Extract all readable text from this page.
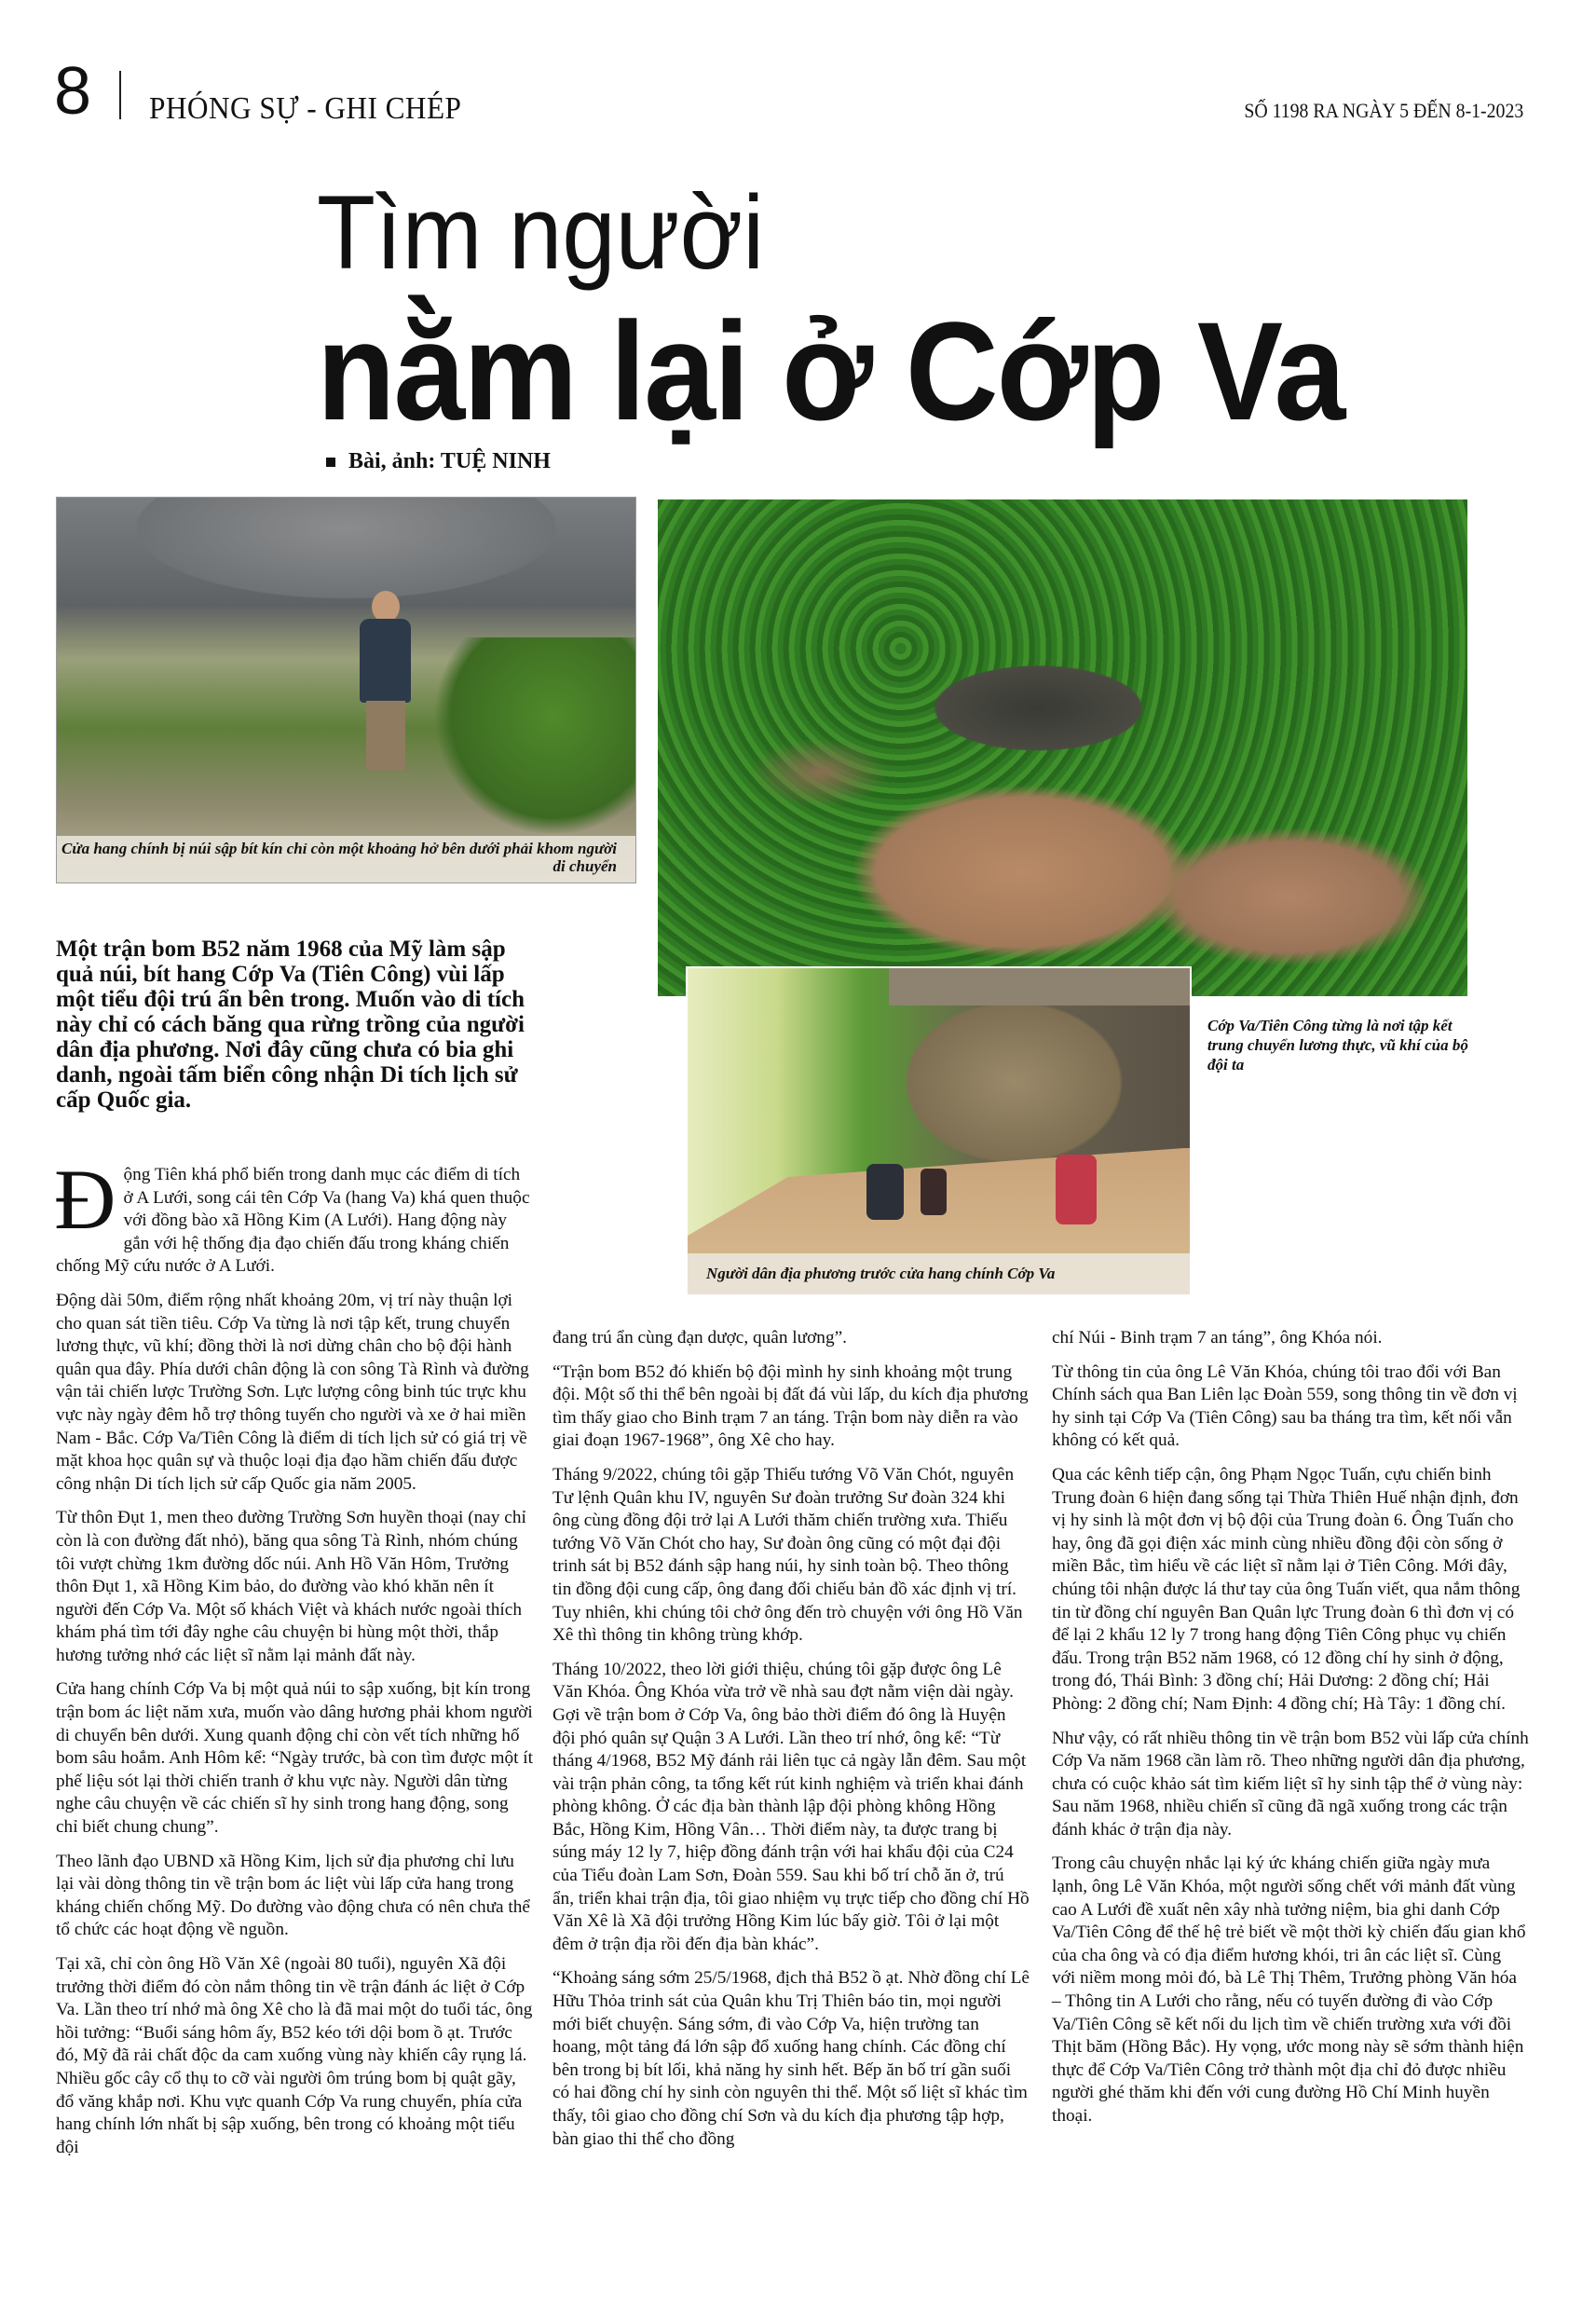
8 PHÓNG SỰ - GHI CHÉP	SỐ 1198 RA NGÀY 5 ĐẾN 8-1-2023
Tìm người
nằm lại ở Cớp Va
Bài, ảnh: TUỆ NINH
Cửa hang chính bị núi sập bít kín chỉ còn một khoảng hở bên dưới phải khom người di chuyển
Người dân địa phương trước cửa hang chính Cớp Va
Cớp Va/Tiên Công từng là nơi tập kết trung chuyển lương thực, vũ khí của bộ đội ta
Một trận bom B52 năm 1968 của Mỹ làm sập quả núi, bít hang Cớp Va (Tiên Công) vùi lấp một tiểu đội trú ẩn bên trong. Muốn vào di tích này chỉ có cách băng qua rừng trồng của người dân địa phương. Nơi đây cũng chưa có bia ghi danh, ngoài tấm biển công nhận Di tích lịch sử cấp Quốc gia.

Động Tiên khá phổ biến trong danh mục các điểm di tích ở A Lưới, song cái tên Cớp Va (hang Va) khá quen thuộc với đồng bào xã Hồng Kim (A Lưới). Hang động này gắn với hệ thống địa đạo chiến đấu trong kháng chiến chống Mỹ cứu nước ở A Lưới.

Động dài 50m, điểm rộng nhất khoảng 20m, vị trí này thuận lợi cho quan sát tiền tiêu. Cớp Va từng là nơi tập kết, trung chuyển lương thực, vũ khí; đồng thời là nơi dừng chân cho bộ đội hành quân qua đây. Phía dưới chân động là con sông Tà Rình và đường vận tải chiến lược Trường Sơn. Lực lượng công binh túc trực khu vực này ngày đêm hỗ trợ thông tuyến cho người và xe ở hai miền Nam - Bắc. Cớp Va/Tiên Công là điểm di tích lịch sử có giá trị về mặt khoa học quân sự và thuộc loại địa đạo hầm chiến đấu được công nhận Di tích lịch sử cấp Quốc gia năm 2005.

Từ thôn Đụt 1, men theo đường Trường Sơn huyền thoại (nay chỉ còn là con đường đất nhỏ), băng qua sông Tà Rình, nhóm chúng tôi vượt chừng 1km đường dốc núi. Anh Hồ Văn Hôm, Trưởng thôn Đụt 1, xã Hồng Kim bảo, do đường vào khó khăn nên ít người đến Cớp Va. Một số khách Việt và khách nước ngoài thích khám phá tìm tới đây nghe câu chuyện bi hùng một thời, thắp hương tưởng nhớ các liệt sĩ nằm lại mảnh đất này.

Cửa hang chính Cớp Va bị một quả núi to sập xuống, bịt kín trong trận bom ác liệt năm xưa, muốn vào dâng hương phải khom người di chuyển bên dưới. Xung quanh động chỉ còn vết tích những hố bom sâu hoắm. Anh Hôm kể: “Ngày trước, bà con tìm được một ít phế liệu sót lại thời chiến tranh ở khu vực này. Người dân từng nghe câu chuyện về các chiến sĩ hy sinh trong hang động, song chỉ biết chung chung”.

Theo lãnh đạo UBND xã Hồng Kim, lịch sử địa phương chỉ lưu lại vài dòng thông tin về trận bom ác liệt vùi lấp cửa hang trong kháng chiến chống Mỹ. Do đường vào động chưa có nên chưa thể tổ chức các hoạt động về nguồn.

Tại xã, chỉ còn ông Hồ Văn Xê (ngoài 80 tuổi), nguyên Xã đội trưởng thời điểm đó còn nắm thông tin về trận đánh ác liệt ở Cớp Va. Lần theo trí nhớ mà ông Xê cho là đã mai một do tuổi tác, ông hồi tưởng: “Buổi sáng hôm ấy, B52 kéo tới dội bom ồ ạt. Trước đó, Mỹ đã rải chất độc da cam xuống vùng này khiến cây rụng lá. Nhiều gốc cây cổ thụ to cỡ vài người ôm trúng bom bị quật gãy, đổ văng khắp nơi. Khu vực quanh Cớp Va rung chuyển, phía cửa hang chính lớn nhất bị sập xuống, bên trong có khoảng một tiểu đội

đang trú ẩn cùng đạn dược, quân lương”.

“Trận bom B52 đó khiến bộ đội mình hy sinh khoảng một trung đội. Một số thi thể bên ngoài bị đất đá vùi lấp, du kích địa phương tìm thấy giao cho Binh trạm 7 an táng. Trận bom này diễn ra vào giai đoạn 1967-1968”, ông Xê cho hay.

Tháng 9/2022, chúng tôi gặp Thiếu tướng Võ Văn Chót, nguyên Tư lệnh Quân khu IV, nguyên Sư đoàn trưởng Sư đoàn 324 khi ông cùng đồng đội trở lại A Lưới thăm chiến trường xưa. Thiếu tướng Võ Văn Chót cho hay, Sư đoàn ông cũng có một đại đội trinh sát bị B52 đánh sập hang núi, hy sinh toàn bộ. Theo thông tin đồng đội cung cấp, ông đang đối chiếu bản đồ xác định vị trí. Tuy nhiên, khi chúng tôi chở ông đến trò chuyện với ông Hồ Văn Xê thì thông tin không trùng khớp.

Tháng 10/2022, theo lời giới thiệu, chúng tôi gặp được ông Lê Văn Khóa. Ông Khóa vừa trở về nhà sau đợt nằm viện dài ngày. Gợi về trận bom ở Cớp Va, ông bảo thời điểm đó ông là Huyện đội phó quân sự Quận 3 A Lưới. Lần theo trí nhớ, ông kể: “Từ tháng 4/1968, B52 Mỹ đánh rải liên tục cả ngày lẫn đêm. Sau một vài trận phản công, ta tổng kết rút kinh nghiệm và triển khai đánh phòng không. Ở các địa bàn thành lập đội phòng không Hồng Bắc, Hồng Kim, Hồng Vân… Thời điểm này, ta được trang bị súng máy 12 ly 7, hiệp đồng đánh trận với hai khẩu đội của C24 của Tiểu đoàn Lam Sơn, Đoàn 559. Sau khi bố trí chỗ ăn ở, trú ẩn, triển khai trận địa, tôi giao nhiệm vụ trực tiếp cho đồng chí Hồ Văn Xê là Xã đội trưởng Hồng Kim lúc bấy giờ. Tôi ở lại một đêm ở trận địa rồi đến địa bàn khác”.

“Khoảng sáng sớm 25/5/1968, địch thả B52 ồ ạt. Nhờ đồng chí Lê Hữu Thỏa trinh sát của Quân khu Trị Thiên báo tin, mọi người mới biết chuyện. Sáng sớm, đi vào Cớp Va, hiện trường tan hoang, một tảng đá lớn sập đổ xuống hang chính. Các đồng chí bên trong bị bít lối, khả năng hy sinh hết. Bếp ăn bố trí gần suối có hai đồng chí hy sinh còn nguyên thi thể. Một số liệt sĩ khác tìm thấy, tôi giao cho đồng chí Sơn và du kích địa phương tập hợp, bàn giao thi thể cho đồng

chí Núi - Binh trạm 7 an táng”, ông Khóa nói.

Từ thông tin của ông Lê Văn Khóa, chúng tôi trao đổi với Ban Chính sách qua Ban Liên lạc Đoàn 559, song thông tin về đơn vị hy sinh tại Cớp Va (Tiên Công) sau ba tháng tra tìm, kết nối vẫn không có kết quả.

Qua các kênh tiếp cận, ông Phạm Ngọc Tuấn, cựu chiến binh Trung đoàn 6 hiện đang sống tại Thừa Thiên Huế nhận định, đơn vị hy sinh là một đơn vị bộ đội của Trung đoàn 6. Ông Tuấn cho hay, ông đã gọi điện xác minh cùng nhiều đồng đội còn sống ở miền Bắc, tìm hiểu về các liệt sĩ nằm lại ở Tiên Công. Mới đây, chúng tôi nhận được lá thư tay của ông Tuấn viết, qua nắm thông tin từ đồng chí nguyên Ban Quân lực Trung đoàn 6 thì đơn vị có để lại 2 khẩu 12 ly 7 trong hang động Tiên Công phục vụ chiến đấu. Trong trận B52 năm 1968, có 12 đồng chí hy sinh ở động, trong đó, Thái Bình: 3 đồng chí; Hải Dương: 2 đồng chí; Hải Phòng: 2 đồng chí; Nam Định: 4 đồng chí; Hà Tây: 1 đồng chí.

Như vậy, có rất nhiều thông tin về trận bom B52 vùi lấp cửa chính Cớp Va năm 1968 cần làm rõ. Theo những người dân địa phương, chưa có cuộc khảo sát tìm kiếm liệt sĩ hy sinh tập thể ở vùng này: Sau năm 1968, nhiều chiến sĩ cũng đã ngã xuống trong các trận đánh khác ở trận địa này.

Trong câu chuyện nhắc lại ký ức kháng chiến giữa ngày mưa lạnh, ông Lê Văn Khóa, một người sống chết với mảnh đất vùng cao A Lưới đề xuất nên xây nhà tưởng niệm, bia ghi danh Cớp Va/Tiên Công để thế hệ trẻ biết về một thời kỳ chiến đấu gian khổ của cha ông và có địa điểm hương khói, tri ân các liệt sĩ. Cùng với niềm mong mỏi đó, bà Lê Thị Thêm, Trưởng phòng Văn hóa – Thông tin A Lưới cho rằng, nếu có tuyến đường đi vào Cớp Va/Tiên Công sẽ kết nối du lịch tìm về chiến trường xưa với đồi Thịt băm (Hồng Bắc). Hy vọng, ước mong này sẽ sớm thành hiện thực để Cớp Va/Tiên Công trở thành một địa chỉ đỏ được nhiều người ghé thăm khi đến với cung đường Hồ Chí Minh huyền thoại.
